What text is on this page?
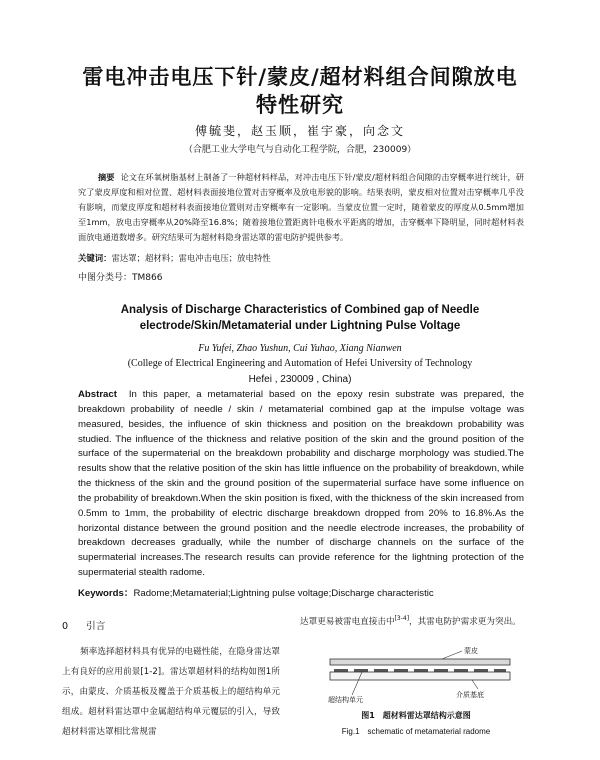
雷电冲击电压下针/蒙皮/超材料组合间隙放电
特性研究
傅毓斐，赵玉顺，崔宇豪，向念文
（合肥工业大学电气与自动化工程学院，合肥，230009）
摘要 论文在环氧树脂基材上制备了一种超材料样品，对冲击电压下针/蒙皮/超材料组合间隙的击穿概率进行统计，研究了蒙皮厚度和相对位置、超材料表面接地位置对击穿概率及放电形貌的影响。结果表明，蒙皮相对位置对击穿概率几乎没有影响，而蒙皮厚度和超材料表面接地位置则对击穿概率有一定影响。当蒙皮位置一定时，随着蒙皮的厚度从0.5mm增加至1mm，放电击穿概率从20%降至16.8%；随着接地位置距离针电极水平距离的增加，击穿概率下降明显，同时超材料表面放电通道数增多。研究结果可为超材料隐身雷达罩的雷电防护提供参考。
关键词：雷达罩；超材料；雷电冲击电压；放电特性
中图分类号：TM866
Analysis of Discharge Characteristics of Combined gap of Needle
electrode/Skin/Metamaterial under Lightning Pulse Voltage
Fu Yufei, Zhao Yushun, Cui Yuhao, Xiang Nianwen
(College of Electrical Engineering and Automation of Hefei University of Technology
Hefei , 230009 , China)
Abstract In this paper, a metamaterial based on the epoxy resin substrate was prepared, the breakdown probability of needle / skin / metamaterial combined gap at the impulse voltage was measured, besides, the influence of skin thickness and position on the breakdown probability was studied. The influence of the thickness and relative position of the skin and the ground position of the surface of the supermaterial on the breakdown probability and discharge morphology was studied.The results show that the relative position of the skin has little influence on the probability of breakdown, while the thickness of the skin and the ground position of the supermaterial surface have some influence on the probability of breakdown.When the skin position is fixed, with the thickness of the skin increased from 0.5mm to 1mm, the probability of electric discharge breakdown dropped from 20% to 16.8%.As the horizontal distance between the ground position and the needle electrode increases, the probability of breakdown decreases gradually, while the number of discharge channels on the surface of the supermaterial increases.The research results can provide reference for the lightning protection of the supermaterial stealth radome.
Keywords：Radome;Metamaterial;Lightning pulse voltage;Discharge characteristic
0 引言
频率选择超材料具有优异的电磁性能，在隐身雷达罩上有良好的应用前景[1-2]。雷达罩超材料的结构如图1所示，由蒙皮、介质基板及覆盖于介质基板上的超结构单元组成。超材料雷达罩中金属超结构单元覆层的引入，导致超材料雷达罩相比常规雷
达罩更易被雷电直接击中[3-4]，其雷电防护需求更为突出。
蒙皮
介质基底
超结构单元
图1　超材料雷达罩结构示意图
Fig.1　schematic of metamaterial radome
